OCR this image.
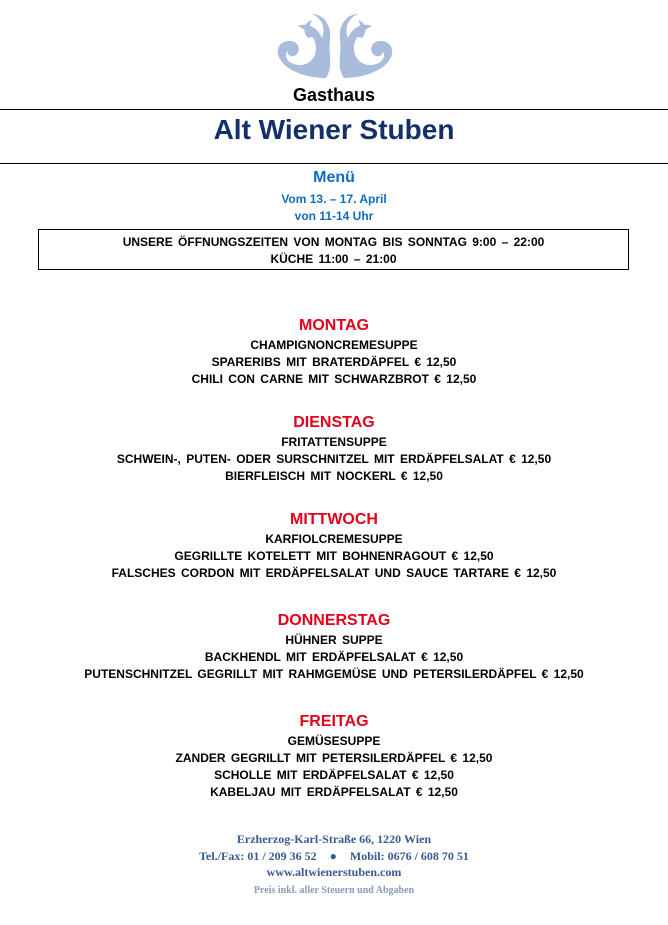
Gasthaus
Alt Wiener Stuben
Menü
Vom 13. – 17. April
von 11-14 Uhr
UNSERE ÖFFNUNGSZEITEN VON MONTAG BIS SONNTAG 9:00 – 22:00
KÜCHE 11:00 – 21:00
MONTAG
CHAMPIGNONCREMESUPPE
SPARERIBS MIT BRATERDÄPFEL € 12,50
CHILI CON CARNE MIT SCHWARZBROT € 12,50
DIENSTAG
FRITATTENSUPPE
SCHWEIN-, PUTEN- ODER SURSCHNITZEL MIT ERDÄPFELSALAT € 12,50
BIERFLEISCH MIT NOCKERL € 12,50
MITTWOCH
KARFIOLCREMESUPPE
GEGRILLTE KOTELETT MIT BOHNENRAGOUT € 12,50
FALSCHES CORDON MIT ERDÄPFELSALAT UND SAUCE TARTARE € 12,50
DONNERSTAG
HÜHNER SUPPE
BACKHENDL MIT ERDÄPFELSALAT € 12,50
PUTENSCHNITZEL GEGRILLT MIT RAHMGEMÜSE UND PETERSILERDÄPFEL € 12,50
FREITAG
GEMÜSESUPPE
ZANDER GEGRILLT MIT PETERSILERDÄPFEL € 12,50
SCHOLLE MIT ERDÄPFELSALAT € 12,50
KABELJAU MIT ERDÄPFELSALAT € 12,50
Erzherzog-Karl-Straße 66, 1220 Wien
Tel./Fax: 01 / 209 36 52 ● Mobil: 0676 / 608 70 51
www.altwienerstuben.com
Preis inkl. aller Steuern und Abgaben
